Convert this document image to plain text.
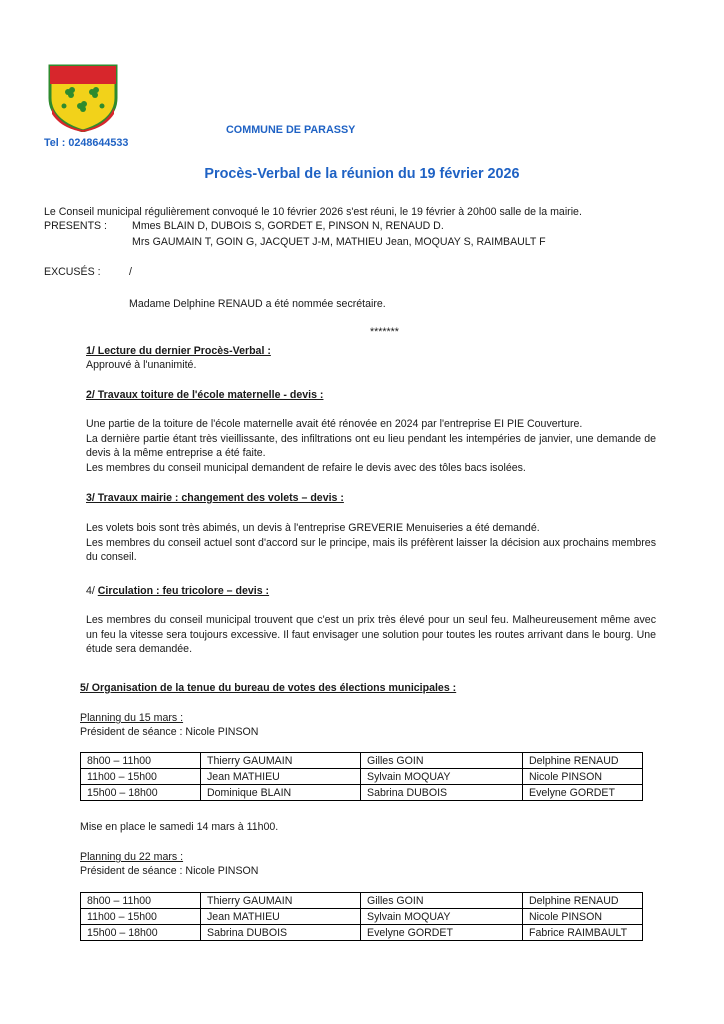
COMMUNE DE PARASSY
Tel : 0248644533
Procès-Verbal de la réunion du 19 février 2026
Le Conseil municipal régulièrement convoqué le 10 février 2026 s'est réuni, le 19 février à 20h00 salle de la mairie.
PRESENTS : Mmes BLAIN D, DUBOIS S, GORDET E, PINSON N, RENAUD D.
Mrs GAUMAIN T, GOIN G, JACQUET J-M, MATHIEU Jean, MOQUAY S, RAIMBAULT F
EXCUSÉS :	/
Madame Delphine RENAUD a été nommée secrétaire.
*******
1/ Lecture du dernier Procès-Verbal :
Approuvé à l'unanimité.
2/ Travaux toiture de l'école maternelle - devis :
Une partie de la toiture de l'école maternelle avait été rénovée en 2024 par l'entreprise EI PIE Couverture.
La dernière partie étant très vieillissante, des infiltrations ont eu lieu pendant les intempéries de janvier, une demande de devis à la même entreprise a été faite.
Les membres du conseil municipal demandent de refaire le devis avec des tôles bacs isolées.
3/ Travaux mairie : changement des volets – devis :
Les volets bois sont très abimés, un devis à l'entreprise GREVERIE Menuiseries a été demandé.
Les membres du conseil actuel sont d'accord sur le principe, mais ils préfèrent laisser la décision aux prochains membres du conseil.
4/ Circulation : feu tricolore – devis :
Les membres du conseil municipal trouvent que c'est un prix très élevé pour un seul feu. Malheureusement même avec un feu la vitesse sera toujours excessive. Il faut envisager une solution pour toutes les routes arrivant dans le bourg. Une étude sera demandée.
5/ Organisation de la tenue du bureau de votes des élections municipales :
Planning du 15 mars :
Président de séance : Nicole PINSON
8h00 – 11h00	Thierry GAUMAIN	Gilles GOIN	Delphine RENAUD
11h00 – 15h00	Jean MATHIEU	Sylvain MOQUAY	Nicole PINSON
15h00 – 18h00	Dominique BLAIN	Sabrina DUBOIS	Evelyne GORDET
Mise en place le samedi 14 mars à 11h00.
Planning du 22 mars :
Président de séance : Nicole PINSON
8h00 – 11h00	Thierry GAUMAIN	Gilles GOIN	Delphine RENAUD
11h00 – 15h00	Jean MATHIEU	Sylvain MOQUAY	Nicole PINSON
15h00 – 18h00	Sabrina DUBOIS	Evelyne GORDET	Fabrice RAIMBAULT
